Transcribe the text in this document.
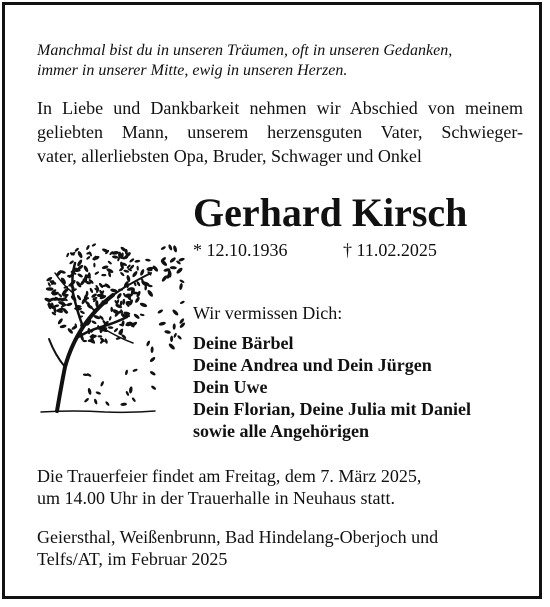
Manchmal bist du in unseren Träumen, oft in unseren Gedanken,
immer in unserer Mitte, ewig in unseren Herzen.
In Liebe und Dankbarkeit nehmen wir Abschied von meinem
geliebten Mann, unserem herzensguten Vater, Schwieger-
vater, allerliebsten Opa, Bruder, Schwager und Onkel
Gerhard Kirsch
* 12.10.1936	† 11.02.2025
Wir vermissen Dich:
Deine Bärbel
Deine Andrea und Dein Jürgen
Dein Uwe
Dein Florian, Deine Julia mit Daniel
sowie alle Angehörigen
Die Trauerfeier findet am Freitag, dem 7. März 2025,
um 14.00 Uhr in der Trauerhalle in Neuhaus statt.
Geiersthal, Weißenbrunn, Bad Hindelang-Oberjoch und
Telfs/AT, im Februar 2025
